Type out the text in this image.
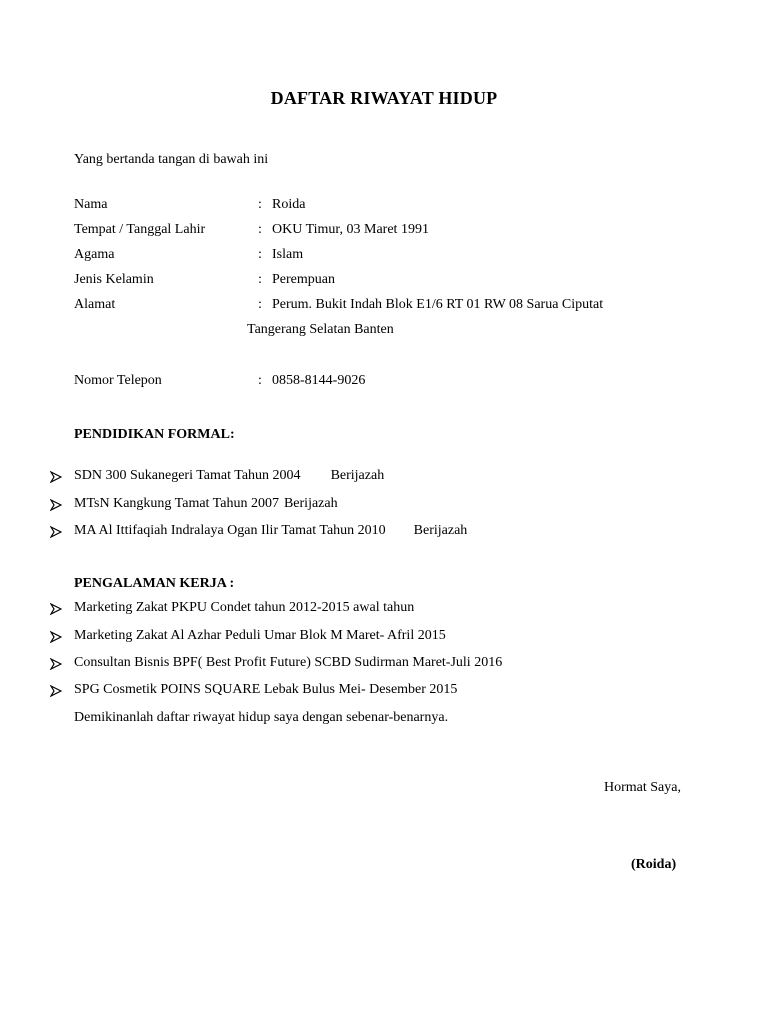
DAFTAR RIWAYAT HIDUP
Yang bertanda tangan di bawah ini
Nama	: Roida
Tempat / Tanggal Lahir	: OKU Timur, 03 Maret 1991
Agama	: Islam
Jenis Kelamin	: Perempuan
Alamat	: Perum. Bukit Indah Blok E1/6 RT 01 RW 08 Sarua Ciputat
Tangerang Selatan Banten
Nomor Telepon	: 0858-8144-9026
PENDIDIKAN FORMAL:
SDN 300 Sukanegeri Tamat Tahun 2004 Berijazah
MTsN Kangkung Tamat Tahun 2007 Berijazah
MA Al Ittifaqiah Indralaya Ogan Ilir Tamat Tahun 2010 Berijazah
PENGALAMAN KERJA :
Marketing Zakat PKPU Condet tahun 2012-2015 awal tahun
Marketing Zakat Al Azhar Peduli Umar Blok M Maret- Afril 2015
Consultan Bisnis BPF( Best Profit Future) SCBD Sudirman Maret-Juli 2016
SPG Cosmetik POINS SQUARE Lebak Bulus Mei- Desember 2015
Demikinanlah daftar riwayat hidup saya dengan sebenar-benarnya.
Hormat Saya,
(Roida)
